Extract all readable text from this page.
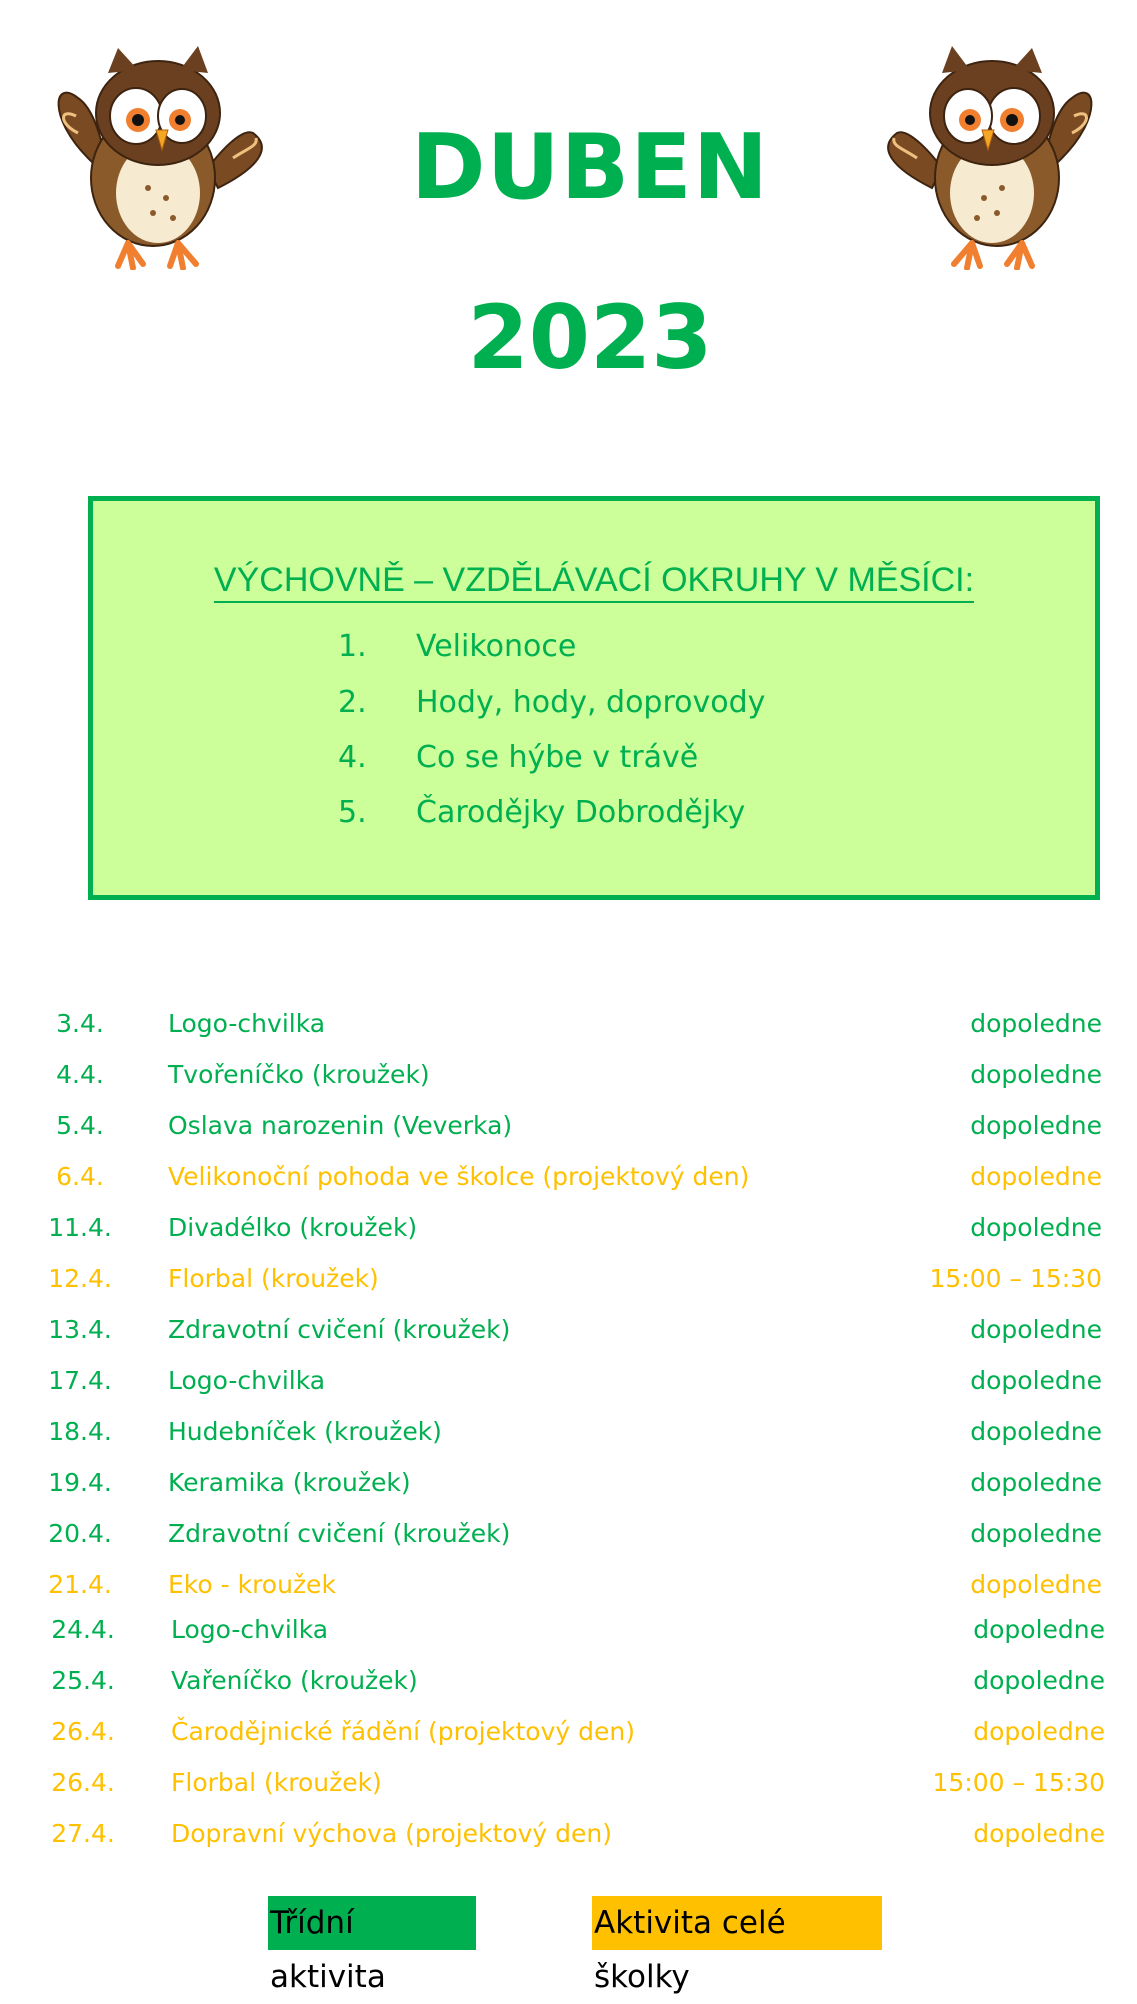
DUBEN
2023
VÝCHOVNĚ – VZDĚLÁVACÍ OKRUHY V MĚSÍCI:
1. Velikonoce
2. Hody, hody, doprovody
4. Co se hýbe v trávě
5. Čarodějky Dobrodějky
3.4.	Logo-chvilka	dopoledne
4.4.	Tvořeníčko (kroužek)	dopoledne
5.4.	Oslava narozenin (Veverka)	dopoledne
6.4.	Velikonoční pohoda ve školce (projektový den)	dopoledne
11.4.	Divadélko (kroužek)	dopoledne
12.4.	Florbal (kroužek)	15:00 – 15:30
13.4.	Zdravotní cvičení (kroužek)	dopoledne
17.4.	Logo-chvilka	dopoledne
18.4.	Hudebníček (kroužek)	dopoledne
19.4.	Keramika (kroužek)	dopoledne
20.4.	Zdravotní cvičení (kroužek)	dopoledne
21.4.	Eko - kroužek	dopoledne
24.4.	Logo-chvilka	dopoledne
25.4.	Vařeníčko (kroužek)	dopoledne
26.4.	Čarodějnické řádění (projektový den)	dopoledne
26.4.	Florbal (kroužek)	15:00 – 15:30
27.4.	Dopravní výchova (projektový den)	dopoledne
Třídní aktivita
Aktivita celé školky
